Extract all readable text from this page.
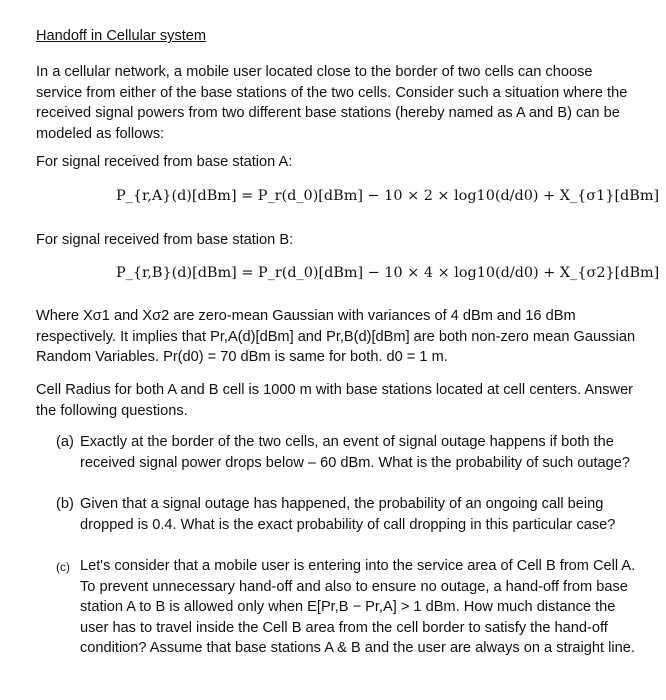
Handoff in Cellular system
In a cellular network, a mobile user located close to the border of two cells can choose service from either of the base stations of the two cells. Consider such a situation where the received signal powers from two different base stations (hereby named as A and B) can be modeled as follows:
For signal received from base station A:
P_{r,A}(d)[dBm] = P_r(d_0)[dBm] − 10 × 2 × log10(d/d0) + X_{σ1}[dBm]
For signal received from base station B:
P_{r,B}(d)[dBm] = P_r(d_0)[dBm] − 10 × 4 × log10(d/d0) + X_{σ2}[dBm]
Where Xσ1 and Xσ2 are zero-mean Gaussian with variances of 4 dBm and 16 dBm respectively. It implies that Pr,A(d)[dBm] and Pr,B(d)[dBm] are both non-zero mean Gaussian Random Variables. Pr(d0) = 70 dBm is same for both. d0 = 1 m.
Cell Radius for both A and B cell is 1000 m with base stations located at cell centers. Answer the following questions.
(a) Exactly at the border of the two cells, an event of signal outage happens if both the received signal power drops below – 60 dBm. What is the probability of such outage?
(b) Given that a signal outage has happened, the probability of an ongoing call being dropped is 0.4. What is the exact probability of call dropping in this particular case?
(c) Let's consider that a mobile user is entering into the service area of Cell B from Cell A. To prevent unnecessary hand-off and also to ensure no outage, a hand-off from base station A to B is allowed only when E[Pr,B − Pr,A] > 1 dBm. How much distance the user has to travel inside the Cell B area from the cell border to satisfy the hand-off condition? Assume that base stations A & B and the user are always on a straight line.
